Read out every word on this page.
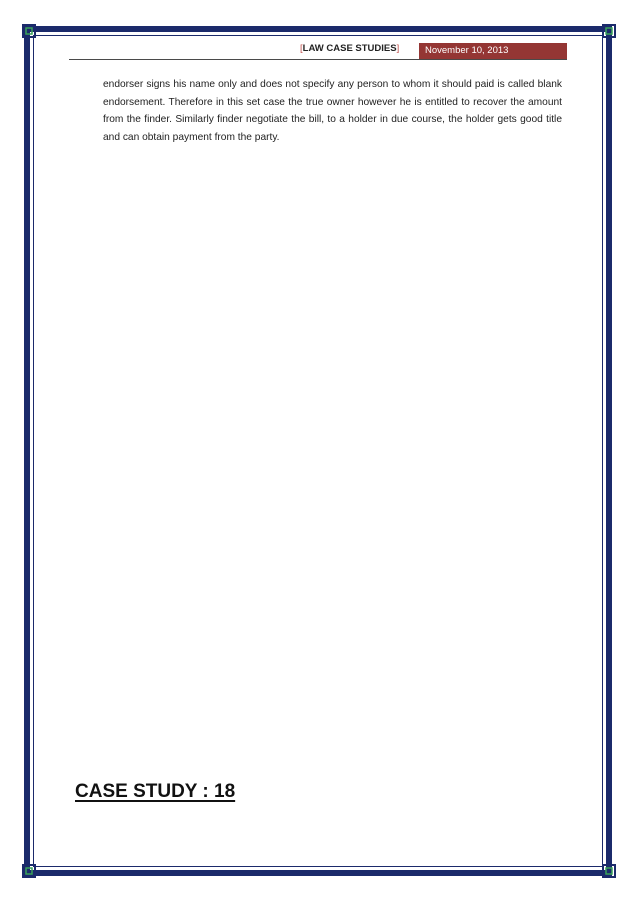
[LAW CASE STUDIES]	November 10, 2013

endorser signs his name only and does not specify any person to whom it should paid is called blank endorsement. Therefore in this set case the true owner however he is entitled to recover the amount from the finder. Similarly finder negotiate the bill, to a holder in due course, the holder gets good title and can obtain payment from the party.

CASE STUDY : 18
